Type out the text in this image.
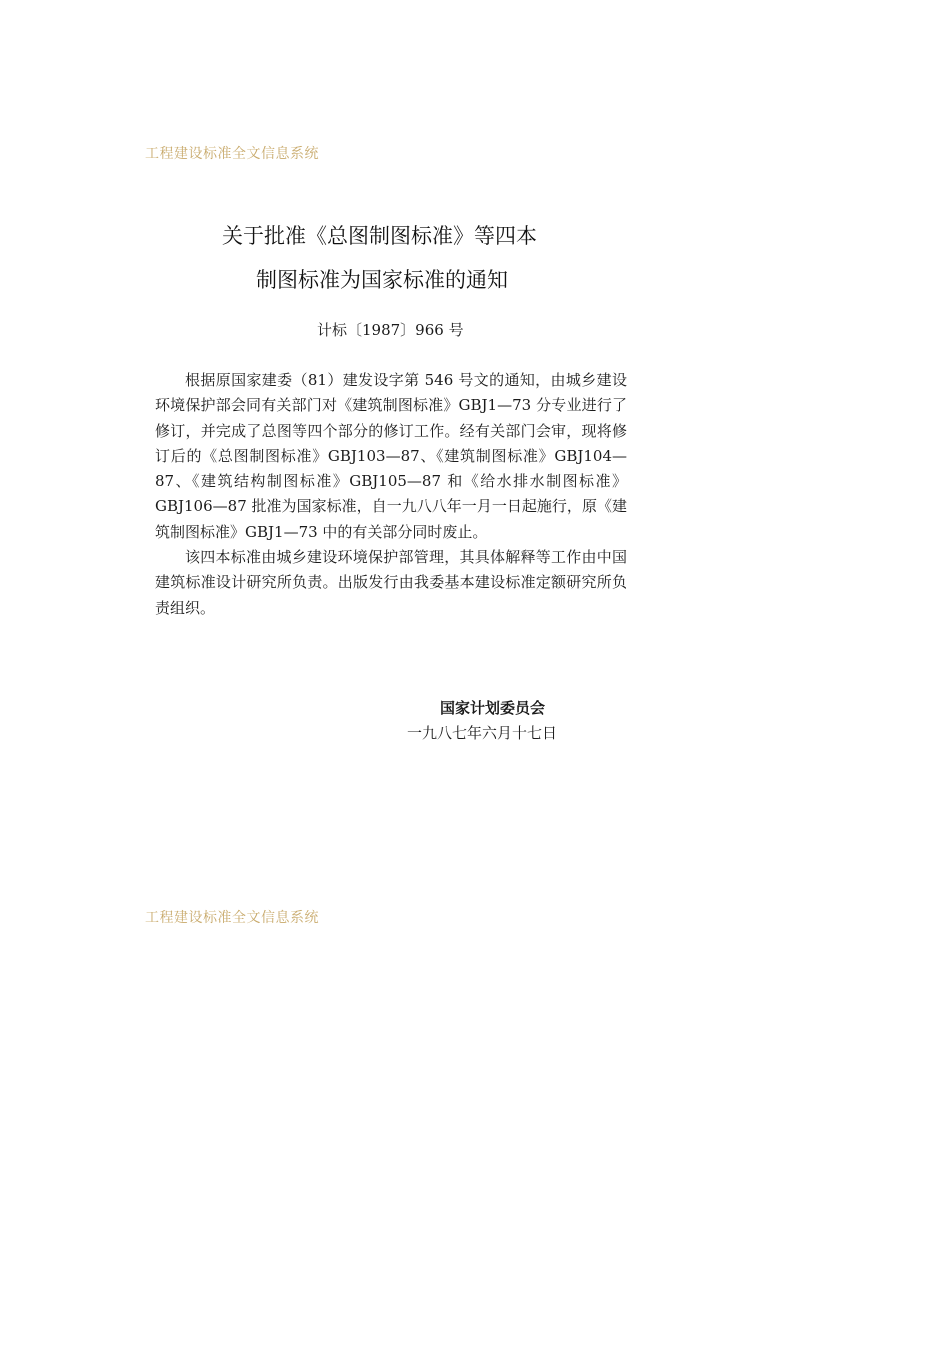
工程建设标准全文信息系统
关于批准《总图制图标准》等四本
制图标准为国家标准的通知
计标〔1987〕966 号

根据原国家建委（81）建发设字第 546 号文的通知，由城乡建设环境保护部会同有关部门对《建筑制图标准》GBJ1—73 分专业进行了修订，并完成了总图等四个部分的修订工作。经有关部门会审，现将修订后的《总图制图标准》GBJ103—87、《建筑制图标准》GBJ104—87、《建筑结构制图标准》GBJ105—87 和《给水排水制图标准》GBJ106—87 批准为国家标准，自一九八八年一月一日起施行，原《建筑制图标准》GBJ1—73 中的有关部分同时废止。

该四本标准由城乡建设环境保护部管理，其具体解释等工作由中国建筑标准设计研究所负责。出版发行由我委基本建设标准定额研究所负责组织。

国家计划委员会
一九八七年六月十七日
工程建设标准全文信息系统
